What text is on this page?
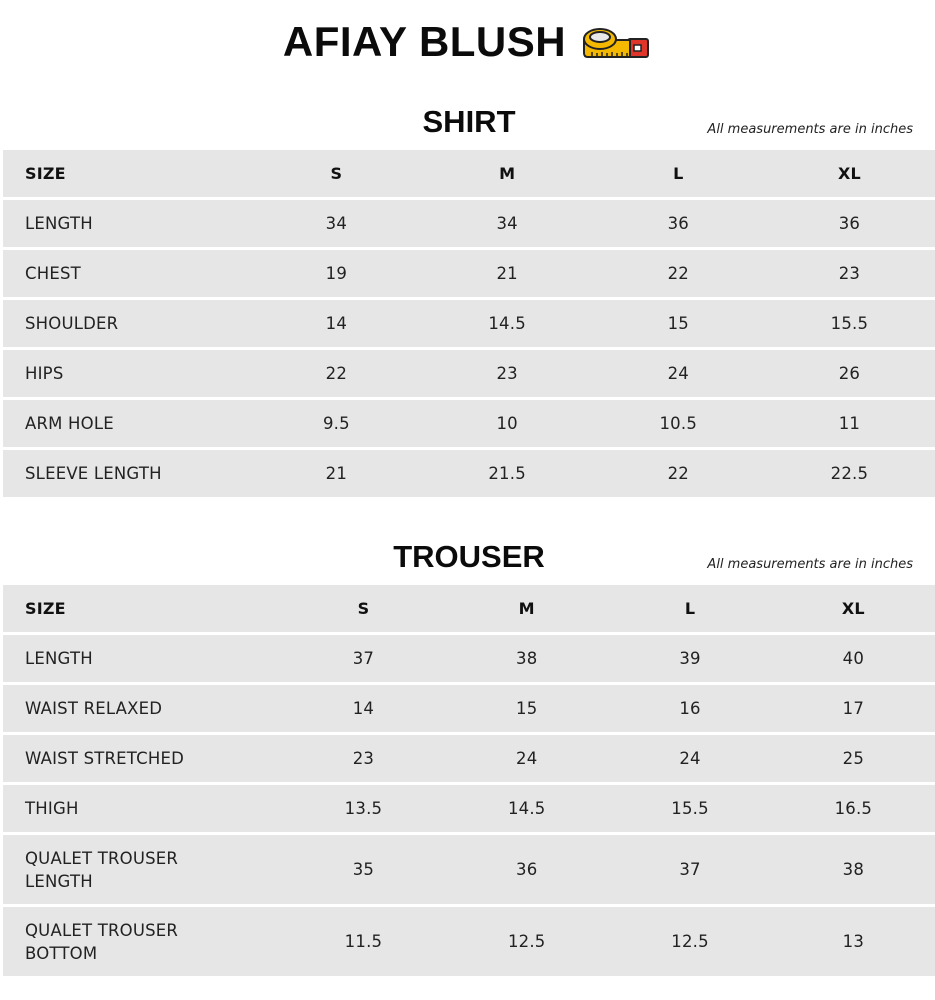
AFIAY BLUSH
SHIRT	All measurements are in inches
SIZE	S	M	L	XL
LENGTH	34	34	36	36
CHEST	19	21	22	23
SHOULDER	14	14.5	15	15.5
HIPS	22	23	24	26
ARM HOLE	9.5	10	10.5	11
SLEEVE LENGTH	21	21.5	22	22.5
TROUSER	All measurements are in inches
SIZE	S	M	L	XL
LENGTH	37	38	39	40
WAIST RELAXED	14	15	16	17
WAIST STRETCHED	23	24	24	25
THIGH	13.5	14.5	15.5	16.5
QUALET TROUSER LENGTH	35	36	37	38
QUALET TROUSER BOTTOM	11.5	12.5	12.5	13
